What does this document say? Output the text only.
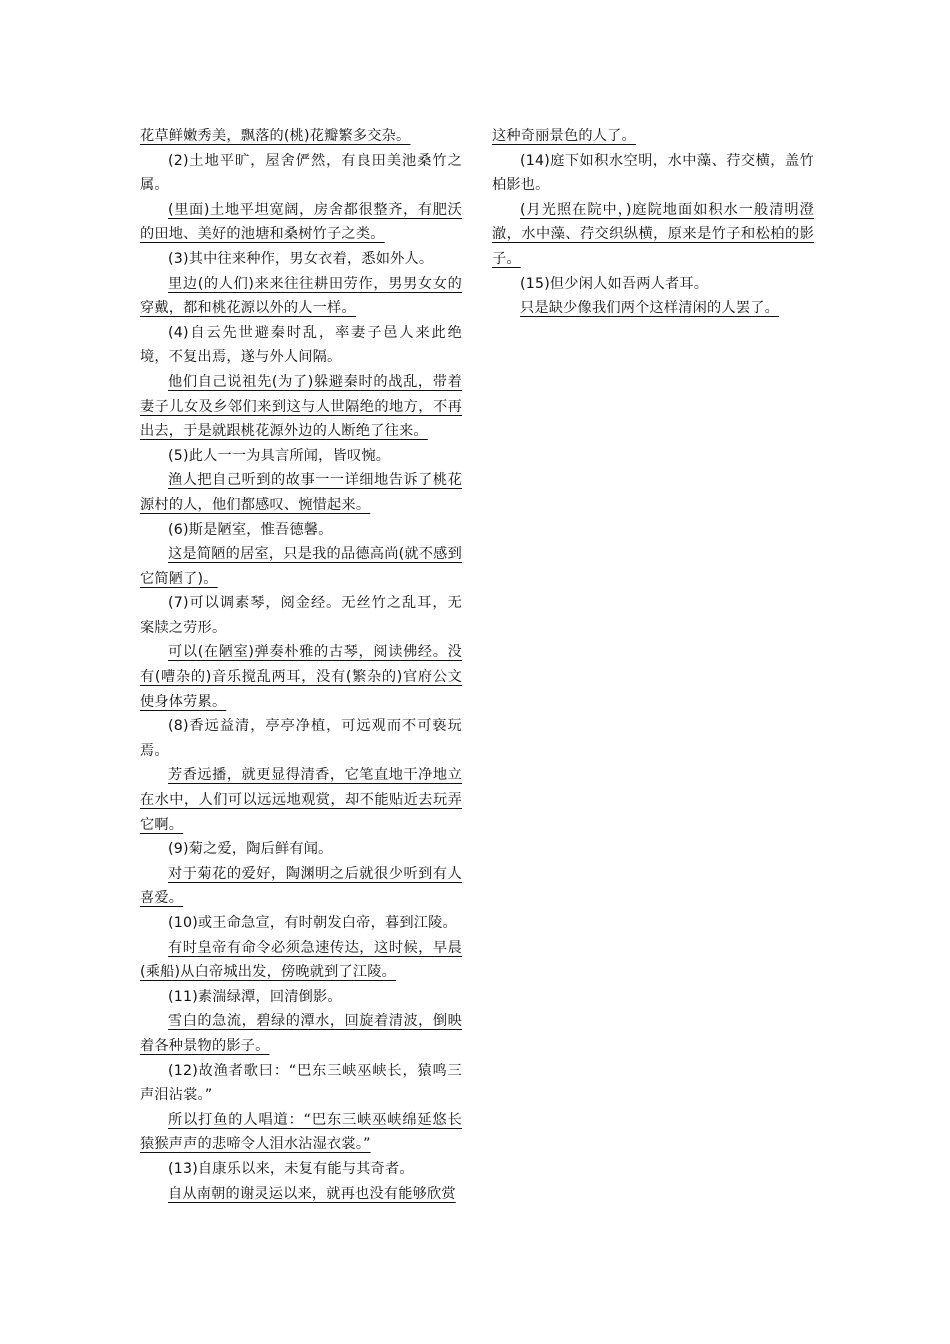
花草鲜嫩秀美，飘落的(桃)花瓣繁多交杂。

(2)土地平旷，屋舍俨然，有良田美池桑竹之属。

(里面)土地平坦宽阔，房舍都很整齐，有肥沃的田地、美好的池塘和桑树竹子之类。

(3)其中往来种作，男女衣着，悉如外人。

里边(的人们)来来往往耕田劳作，男男女女的穿戴，都和桃花源以外的人一样。

(4)自云先世避秦时乱，率妻子邑人来此绝境，不复出焉，遂与外人间隔。

他们自己说祖先(为了)躲避秦时的战乱，带着妻子儿女及乡邻们来到这与人世隔绝的地方，不再出去，于是就跟桃花源外边的人断绝了往来。

(5)此人一一为具言所闻，皆叹惋。

渔人把自己听到的故事一一详细地告诉了桃花源村的人，他们都感叹、惋惜起来。

(6)斯是陋室，惟吾德馨。

这是简陋的居室，只是我的品德高尚(就不感到它简陋了)。

(7)可以调素琴，阅金经。无丝竹之乱耳，无案牍之劳形。

可以(在陋室)弹奏朴雅的古琴，阅读佛经。没有(嘈杂的)音乐搅乱两耳，没有(繁杂的)官府公文使身体劳累。

(8)香远益清，亭亭净植，可远观而不可亵玩焉。

芳香远播，就更显得清香，它笔直地干净地立在水中，人们可以远远地观赏，却不能贴近去玩弄它啊。

(9)菊之爱，陶后鲜有闻。

对于菊花的爱好，陶渊明之后就很少听到有人喜爱。

(10)或王命急宣，有时朝发白帝，暮到江陵。

有时皇帝有命令必须急速传达，这时候，早晨(乘船)从白帝城出发，傍晚就到了江陵。

(11)素湍绿潭，回清倒影。

雪白的急流，碧绿的潭水，回旋着清波，倒映着各种景物的影子。

(12)故渔者歌曰：“巴东三峡巫峡长，猿鸣三声泪沾裳。”

所以打鱼的人唱道：“巴东三峡巫峡绵延悠长猿猴声声的悲啼令人泪水沾湿衣裳。”

(13)自康乐以来，未复有能与其奇者。

自从南朝的谢灵运以来，就再也没有能够欣赏

这种奇丽景色的人了。

(14)庭下如积水空明，水中藻、荇交横，盖竹柏影也。

(月光照在院中，)庭院地面如积水一般清明澄澈，水中藻、荇交织纵横，原来是竹子和松柏的影子。

(15)但少闲人如吾两人者耳。

只是缺少像我们两个这样清闲的人罢了。
